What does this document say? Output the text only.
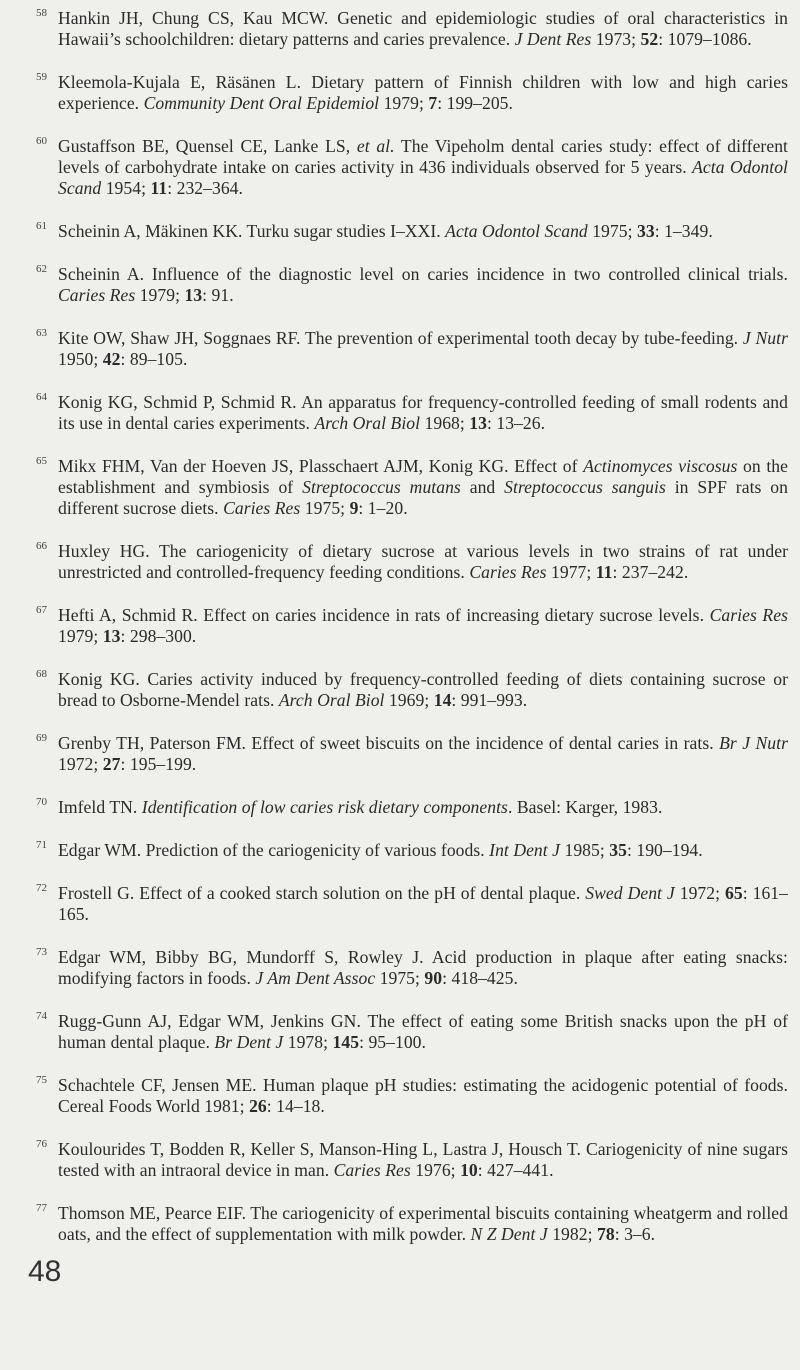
58 Hankin JH, Chung CS, Kau MCW. Genetic and epidemiologic studies of oral characteristics in Hawaii’s schoolchildren: dietary patterns and caries prevalence. J Dent Res 1973; 52: 1079–1086.
59 Kleemola-Kujala E, Räsänen L. Dietary pattern of Finnish children with low and high caries experience. Community Dent Oral Epidemiol 1979; 7: 199–205.
60 Gustaffson BE, Quensel CE, Lanke LS, et al. The Vipeholm dental caries study: effect of different levels of carbohydrate intake on caries activity in 436 individuals observed for 5 years. Acta Odontol Scand 1954; 11: 232–364.
61 Scheinin A, Mäkinen KK. Turku sugar studies I–XXI. Acta Odontol Scand 1975; 33: 1–349.
62 Scheinin A. Influence of the diagnostic level on caries incidence in two controlled clinical trials. Caries Res 1979; 13: 91.
63 Kite OW, Shaw JH, Soggnaes RF. The prevention of experimental tooth decay by tube-feeding. J Nutr 1950; 42: 89–105.
64 Konig KG, Schmid P, Schmid R. An apparatus for frequency-controlled feeding of small rodents and its use in dental caries experiments. Arch Oral Biol 1968; 13: 13–26.
65 Mikx FHM, Van der Hoeven JS, Plasschaert AJM, Konig KG. Effect of Actinomyces viscosus on the establishment and symbiosis of Streptococcus mutans and Streptococcus sanguis in SPF rats on different sucrose diets. Caries Res 1975; 9: 1–20.
66 Huxley HG. The cariogenicity of dietary sucrose at various levels in two strains of rat under unrestricted and controlled-frequency feeding conditions. Caries Res 1977; 11: 237–242.
67 Hefti A, Schmid R. Effect on caries incidence in rats of increasing dietary sucrose levels. Caries Res 1979; 13: 298–300.
68 Konig KG. Caries activity induced by frequency-controlled feeding of diets containing sucrose or bread to Osborne-Mendel rats. Arch Oral Biol 1969; 14: 991–993.
69 Grenby TH, Paterson FM. Effect of sweet biscuits on the incidence of dental caries in rats. Br J Nutr 1972; 27: 195–199.
70 Imfeld TN. Identification of low caries risk dietary components. Basel: Karger, 1983.
71 Edgar WM. Prediction of the cariogenicity of various foods. Int Dent J 1985; 35: 190–194.
72 Frostell G. Effect of a cooked starch solution on the pH of dental plaque. Swed Dent J 1972; 65: 161–165.
73 Edgar WM, Bibby BG, Mundorff S, Rowley J. Acid production in plaque after eating snacks: modifying factors in foods. J Am Dent Assoc 1975; 90: 418–425.
74 Rugg-Gunn AJ, Edgar WM, Jenkins GN. The effect of eating some British snacks upon the pH of human dental plaque. Br Dent J 1978; 145: 95–100.
75 Schachtele CF, Jensen ME. Human plaque pH studies: estimating the acidogenic potential of foods. Cereal Foods World 1981; 26: 14–18.
76 Koulourides T, Bodden R, Keller S, Manson-Hing L, Lastra J, Housch T. Cariogenicity of nine sugars tested with an intraoral device in man. Caries Res 1976; 10: 427–441.
77 Thomson ME, Pearce EIF. The cariogenicity of experimental biscuits containing wheatgerm and rolled oats, and the effect of supplementation with milk powder. N Z Dent J 1982; 78: 3–6.

48
